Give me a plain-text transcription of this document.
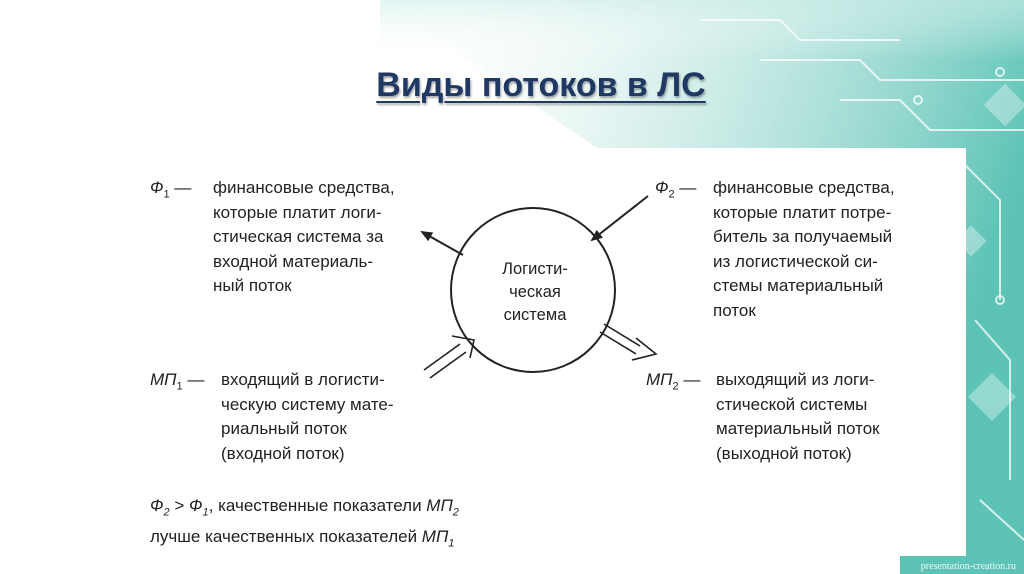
Виды потоков в ЛС
Логисти-
ческая
система
$Ф_1$ — финансовые средства,
которые платит логи-
стическая система за
входной материаль-
ный поток
$Ф_2$ — финансовые средства,
которые платит потре-
битель за получаемый
из логистической си-
стемы материальный
поток
$МП_1$ — входящий в логисти-
ческую систему мате-
риальный поток
(входной поток)
$МП_2$ — выходящий из логи-
стической системы
материальный поток
(выходной поток)
$Ф_2 > Ф_1$, качественные показатели $МП_2$
лучше качественных показателей $МП_1$
presentation-creation.ru
